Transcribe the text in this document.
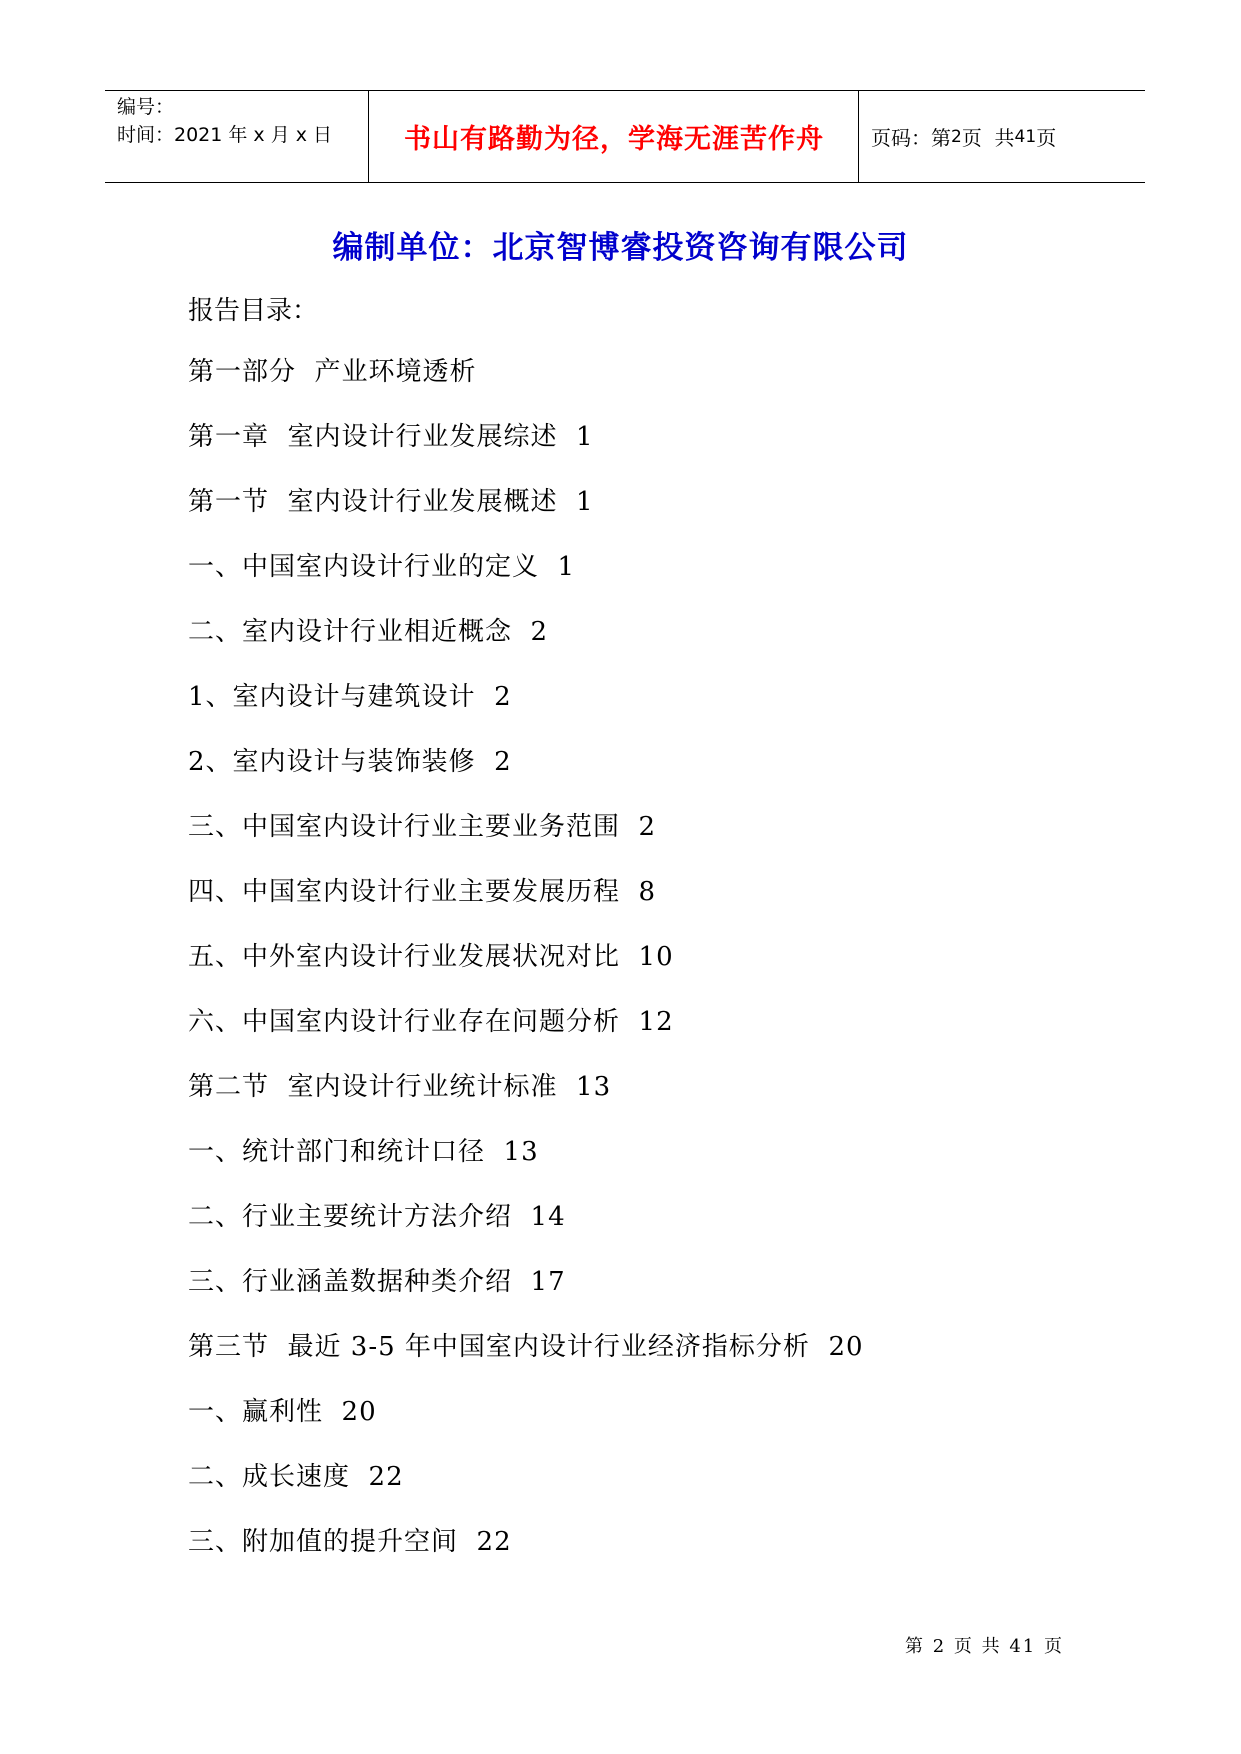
编号：
时间：2021 年 x 月 x 日	书山有路勤为径，学海无涯苦作舟	页码：第 2 页  共 41 页
编制单位：北京智博睿投资咨询有限公司
报告目录：
第一部分  产业环境透析
第一章  室内设计行业发展综述  1
第一节  室内设计行业发展概述  1
一、中国室内设计行业的定义  1
二、室内设计行业相近概念  2
1、室内设计与建筑设计  2
2、室内设计与装饰装修  2
三、中国室内设计行业主要业务范围  2
四、中国室内设计行业主要发展历程  8
五、中外室内设计行业发展状况对比  10
六、中国室内设计行业存在问题分析  12
第二节  室内设计行业统计标准  13
一、统计部门和统计口径  13
二、行业主要统计方法介绍  14
三、行业涵盖数据种类介绍  17
第三节  最近 3-5 年中国室内设计行业经济指标分析  20
一、赢利性  20
二、成长速度  22
三、附加值的提升空间  22
第 2 页 共 41 页
